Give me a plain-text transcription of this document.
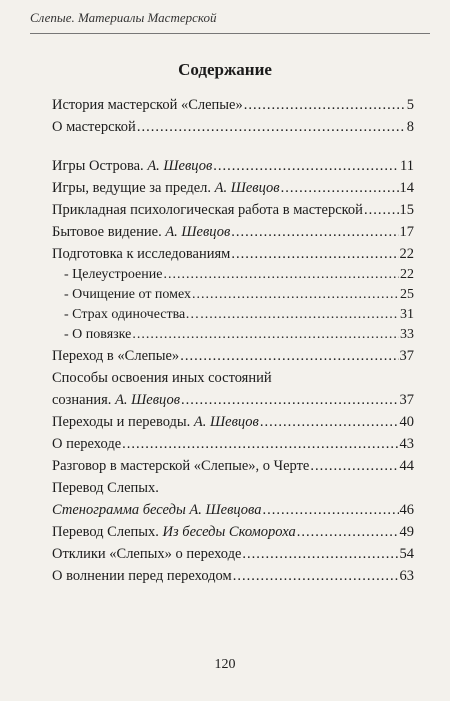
Слепые. Материалы Мастерской
Содержание
История мастерской «Слепые» .....	5
О мастерской .....	8
Игры Острова. А. Шевцов .....	11
Игры, ведущие за предел. А. Шевцов .....	14
Прикладная психологическая работа в мастерской .....	15
Бытовое видение. А. Шевцов .....	17
Подготовка к исследованиям .....	22
- Целеустроение .....	22
- Очищение от помех .....	25
- Страх одиночества… .....	31
- О повязке .....	33
Переход в «Слепые» .....	37
Способы освоения иных состояний
сознания. А. Шевцов .....	37
Переходы и переводы. А. Шевцов .....	40
О переходе .....	43
Разговор в мастерской «Слепые», о Черте .....	44
Перевод Слепых.
Стенограмма беседы А. Шевцова .....	46
Перевод Слепых. Из беседы Скомороха .....	49
Отклики «Слепых» о переходе .....	54
О волнении перед переходом .....	63
120
